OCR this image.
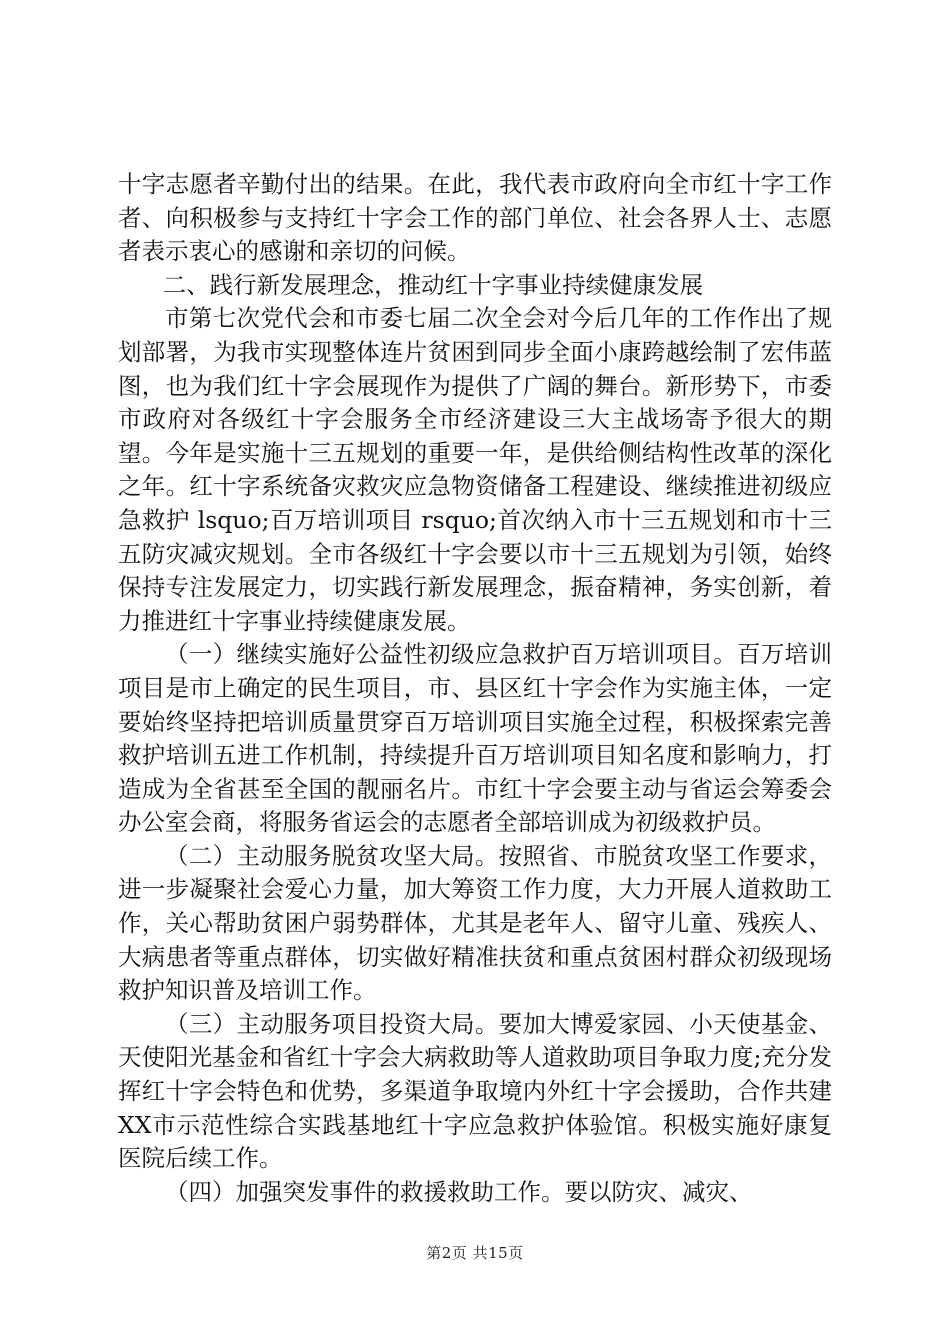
十字志愿者辛勤付出的结果。在此，我代表市政府向全市红十字工作者、向积极参与支持红十字会工作的部门单位、社会各界人士、志愿者表示衷心的感谢和亲切的问候。

二、践行新发展理念，推动红十字事业持续健康发展

市第七次党代会和市委七届二次全会对今后几年的工作作出了规划部署，为我市实现整体连片贫困到同步全面小康跨越绘制了宏伟蓝图，也为我们红十字会展现作为提供了广阔的舞台。新形势下，市委市政府对各级红十字会服务全市经济建设三大主战场寄予很大的期望。今年是实施十三五规划的重要一年，是供给侧结构性改革的深化之年。红十字系统备灾救灾应急物资储备工程建设、继续推进初级应急救护 lsquo;百万培训项目 rsquo;首次纳入市十三五规划和市十三五防灾减灾规划。全市各级红十字会要以市十三五规划为引领，始终保持专注发展定力，切实践行新发展理念，振奋精神，务实创新，着力推进红十字事业持续健康发展。

（一）继续实施好公益性初级应急救护百万培训项目。百万培训项目是市上确定的民生项目，市、县区红十字会作为实施主体，一定要始终坚持把培训质量贯穿百万培训项目实施全过程，积极探索完善救护培训五进工作机制，持续提升百万培训项目知名度和影响力，打造成为全省甚至全国的靓丽名片。市红十字会要主动与省运会筹委会办公室会商，将服务省运会的志愿者全部培训成为初级救护员。

（二）主动服务脱贫攻坚大局。按照省、市脱贫攻坚工作要求，进一步凝聚社会爱心力量，加大筹资工作力度，大力开展人道救助工作，关心帮助贫困户弱势群体，尤其是老年人、留守儿童、残疾人、大病患者等重点群体，切实做好精准扶贫和重点贫困村群众初级现场救护知识普及培训工作。

（三）主动服务项目投资大局。要加大博爱家园、小天使基金、天使阳光基金和省红十字会大病救助等人道救助项目争取力度;充分发挥红十字会特色和优势，多渠道争取境内外红十字会援助，合作共建XX市示范性综合实践基地红十字应急救护体验馆。积极实施好康复医院后续工作。

（四）加强突发事件的救援救助工作。要以防灾、减灾、

第2页 共15页
